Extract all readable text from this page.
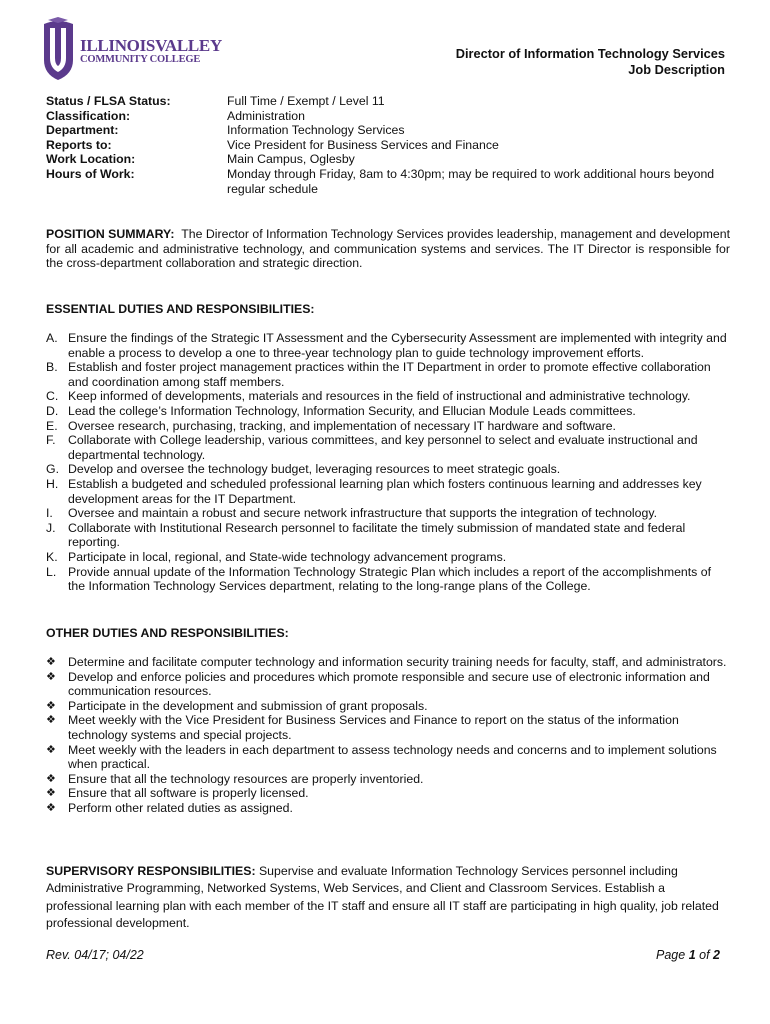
ILLINOISVALLEY
COMMUNITY COLLEGE	Director of Information Technology Services
Job Description
Status / FLSA Status:	Full Time / Exempt / Level 11
Classification:	Administration
Department:	Information Technology Services
Reports to:	Vice President for Business Services and Finance
Work Location:	Main Campus, Oglesby
Hours of Work:	Monday through Friday, 8am to 4:30pm; may be required to work additional hours beyond regular schedule
POSITION SUMMARY: The Director of Information Technology Services provides leadership, management and development for all academic and administrative technology, and communication systems and services. The IT Director is responsible for the cross-department collaboration and strategic direction.
ESSENTIAL DUTIES AND RESPONSIBILITIES:
A. Ensure the findings of the Strategic IT Assessment and the Cybersecurity Assessment are implemented with integrity and enable a process to develop a one to three-year technology plan to guide technology improvement efforts.
B. Establish and foster project management practices within the IT Department in order to promote effective collaboration and coordination among staff members.
C. Keep informed of developments, materials and resources in the field of instructional and administrative technology.
D. Lead the college’s Information Technology, Information Security, and Ellucian Module Leads committees.
E. Oversee research, purchasing, tracking, and implementation of necessary IT hardware and software.
F. Collaborate with College leadership, various committees, and key personnel to select and evaluate instructional and departmental technology.
G. Develop and oversee the technology budget, leveraging resources to meet strategic goals.
H. Establish a budgeted and scheduled professional learning plan which fosters continuous learning and addresses key development areas for the IT Department.
I. Oversee and maintain a robust and secure network infrastructure that supports the integration of technology.
J. Collaborate with Institutional Research personnel to facilitate the timely submission of mandated state and federal reporting.
K. Participate in local, regional, and State-wide technology advancement programs.
L. Provide annual update of the Information Technology Strategic Plan which includes a report of the accomplishments of the Information Technology Services department, relating to the long-range plans of the College.
OTHER DUTIES AND RESPONSIBILITIES:
❖ Determine and facilitate computer technology and information security training needs for faculty, staff, and administrators.
❖ Develop and enforce policies and procedures which promote responsible and secure use of electronic information and communication resources.
❖ Participate in the development and submission of grant proposals.
❖ Meet weekly with the Vice President for Business Services and Finance to report on the status of the information technology systems and special projects.
❖ Meet weekly with the leaders in each department to assess technology needs and concerns and to implement solutions when practical.
❖ Ensure that all the technology resources are properly inventoried.
❖ Ensure that all software is properly licensed.
❖ Perform other related duties as assigned.
SUPERVISORY RESPONSIBILITIES: Supervise and evaluate Information Technology Services personnel including Administrative Programming, Networked Systems, Web Services, and Client and Classroom Services. Establish a professional learning plan with each member of the IT staff and ensure all IT staff are participating in high quality, job related professional development.
Rev. 04/17; 04/22	Page 1 of 2
